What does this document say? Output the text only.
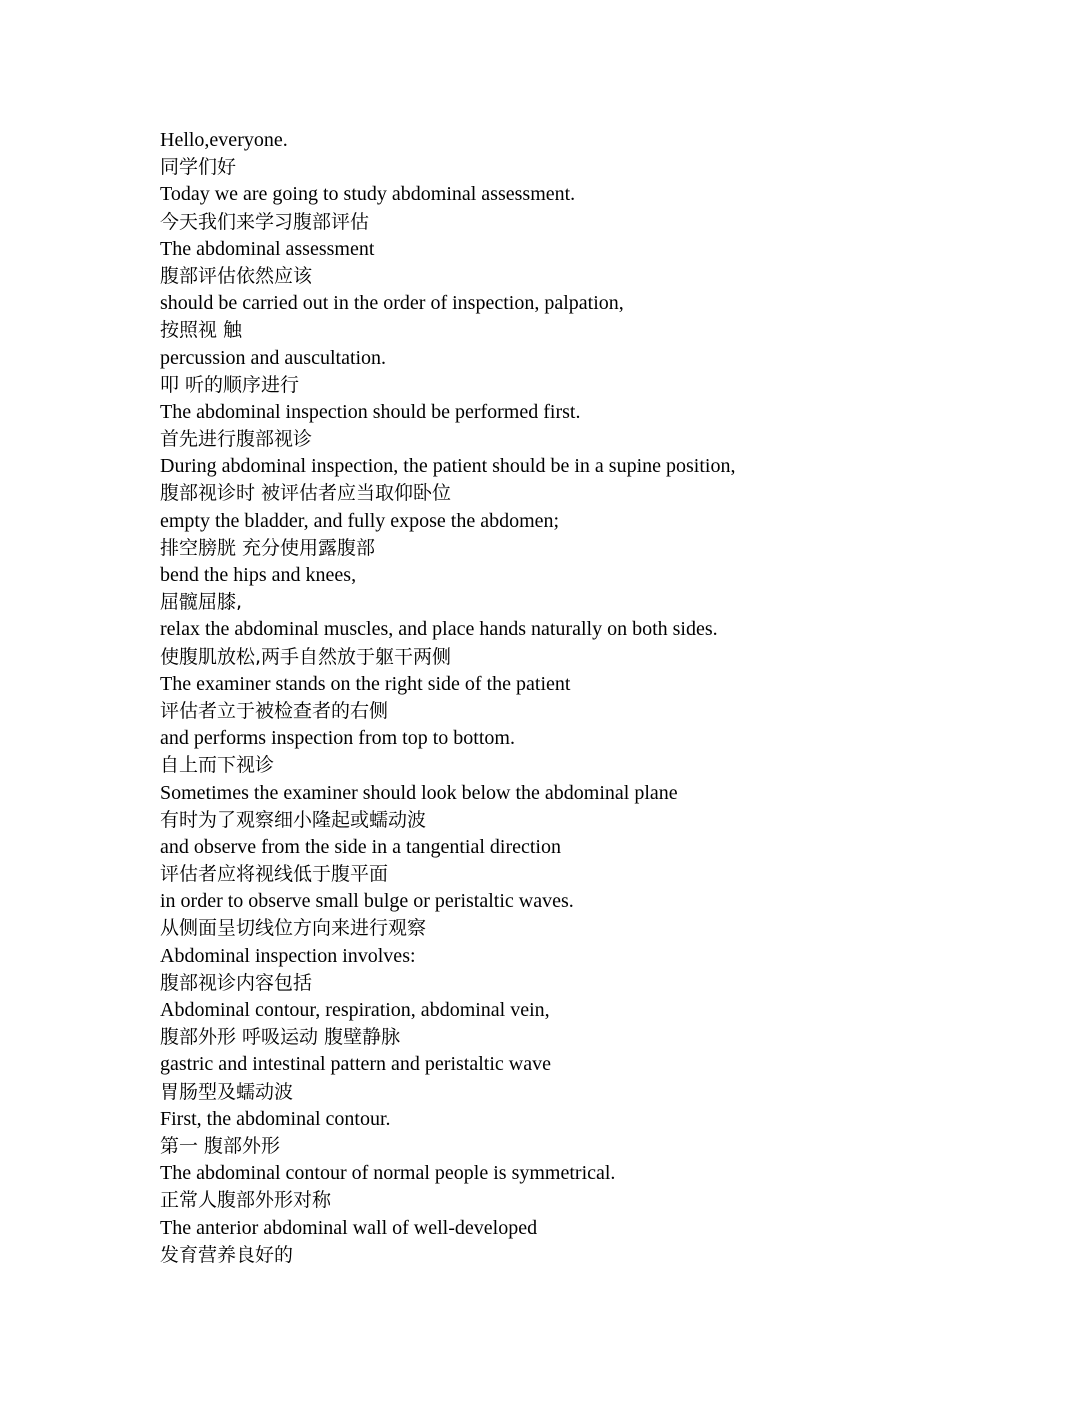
Hello,everyone.
同学们好
Today we are going to study abdominal assessment.
今天我们来学习腹部评估
The abdominal assessment
腹部评估依然应该
should be carried out in the order of inspection, palpation,
按照视 触
percussion and auscultation.
叩 听的顺序进行
The abdominal inspection should be performed first.
首先进行腹部视诊
During abdominal inspection, the patient should be in a supine position,
腹部视诊时 被评估者应当取仰卧位
empty the bladder, and fully expose the abdomen;
排空膀胱 充分使用露腹部
bend the hips and knees,
屈髋屈膝,
relax the abdominal muscles, and place hands naturally on both sides.
使腹肌放松,两手自然放于躯干两侧
The examiner stands on the right side of the patient
评估者立于被检查者的右侧
and performs inspection from top to bottom.
自上而下视诊
Sometimes the examiner should look below the abdominal plane
有时为了观察细小隆起或蠕动波
and observe from the side in a tangential direction
评估者应将视线低于腹平面
in order to observe small bulge or peristaltic waves.
从侧面呈切线位方向来进行观察
Abdominal inspection involves:
腹部视诊内容包括
Abdominal contour, respiration, abdominal vein,
腹部外形 呼吸运动 腹壁静脉
gastric and intestinal pattern and peristaltic wave
胃肠型及蠕动波
First, the abdominal contour.
第一 腹部外形
The abdominal contour of normal people is symmetrical.
正常人腹部外形对称
The anterior abdominal wall of well-developed
发育营养良好的
